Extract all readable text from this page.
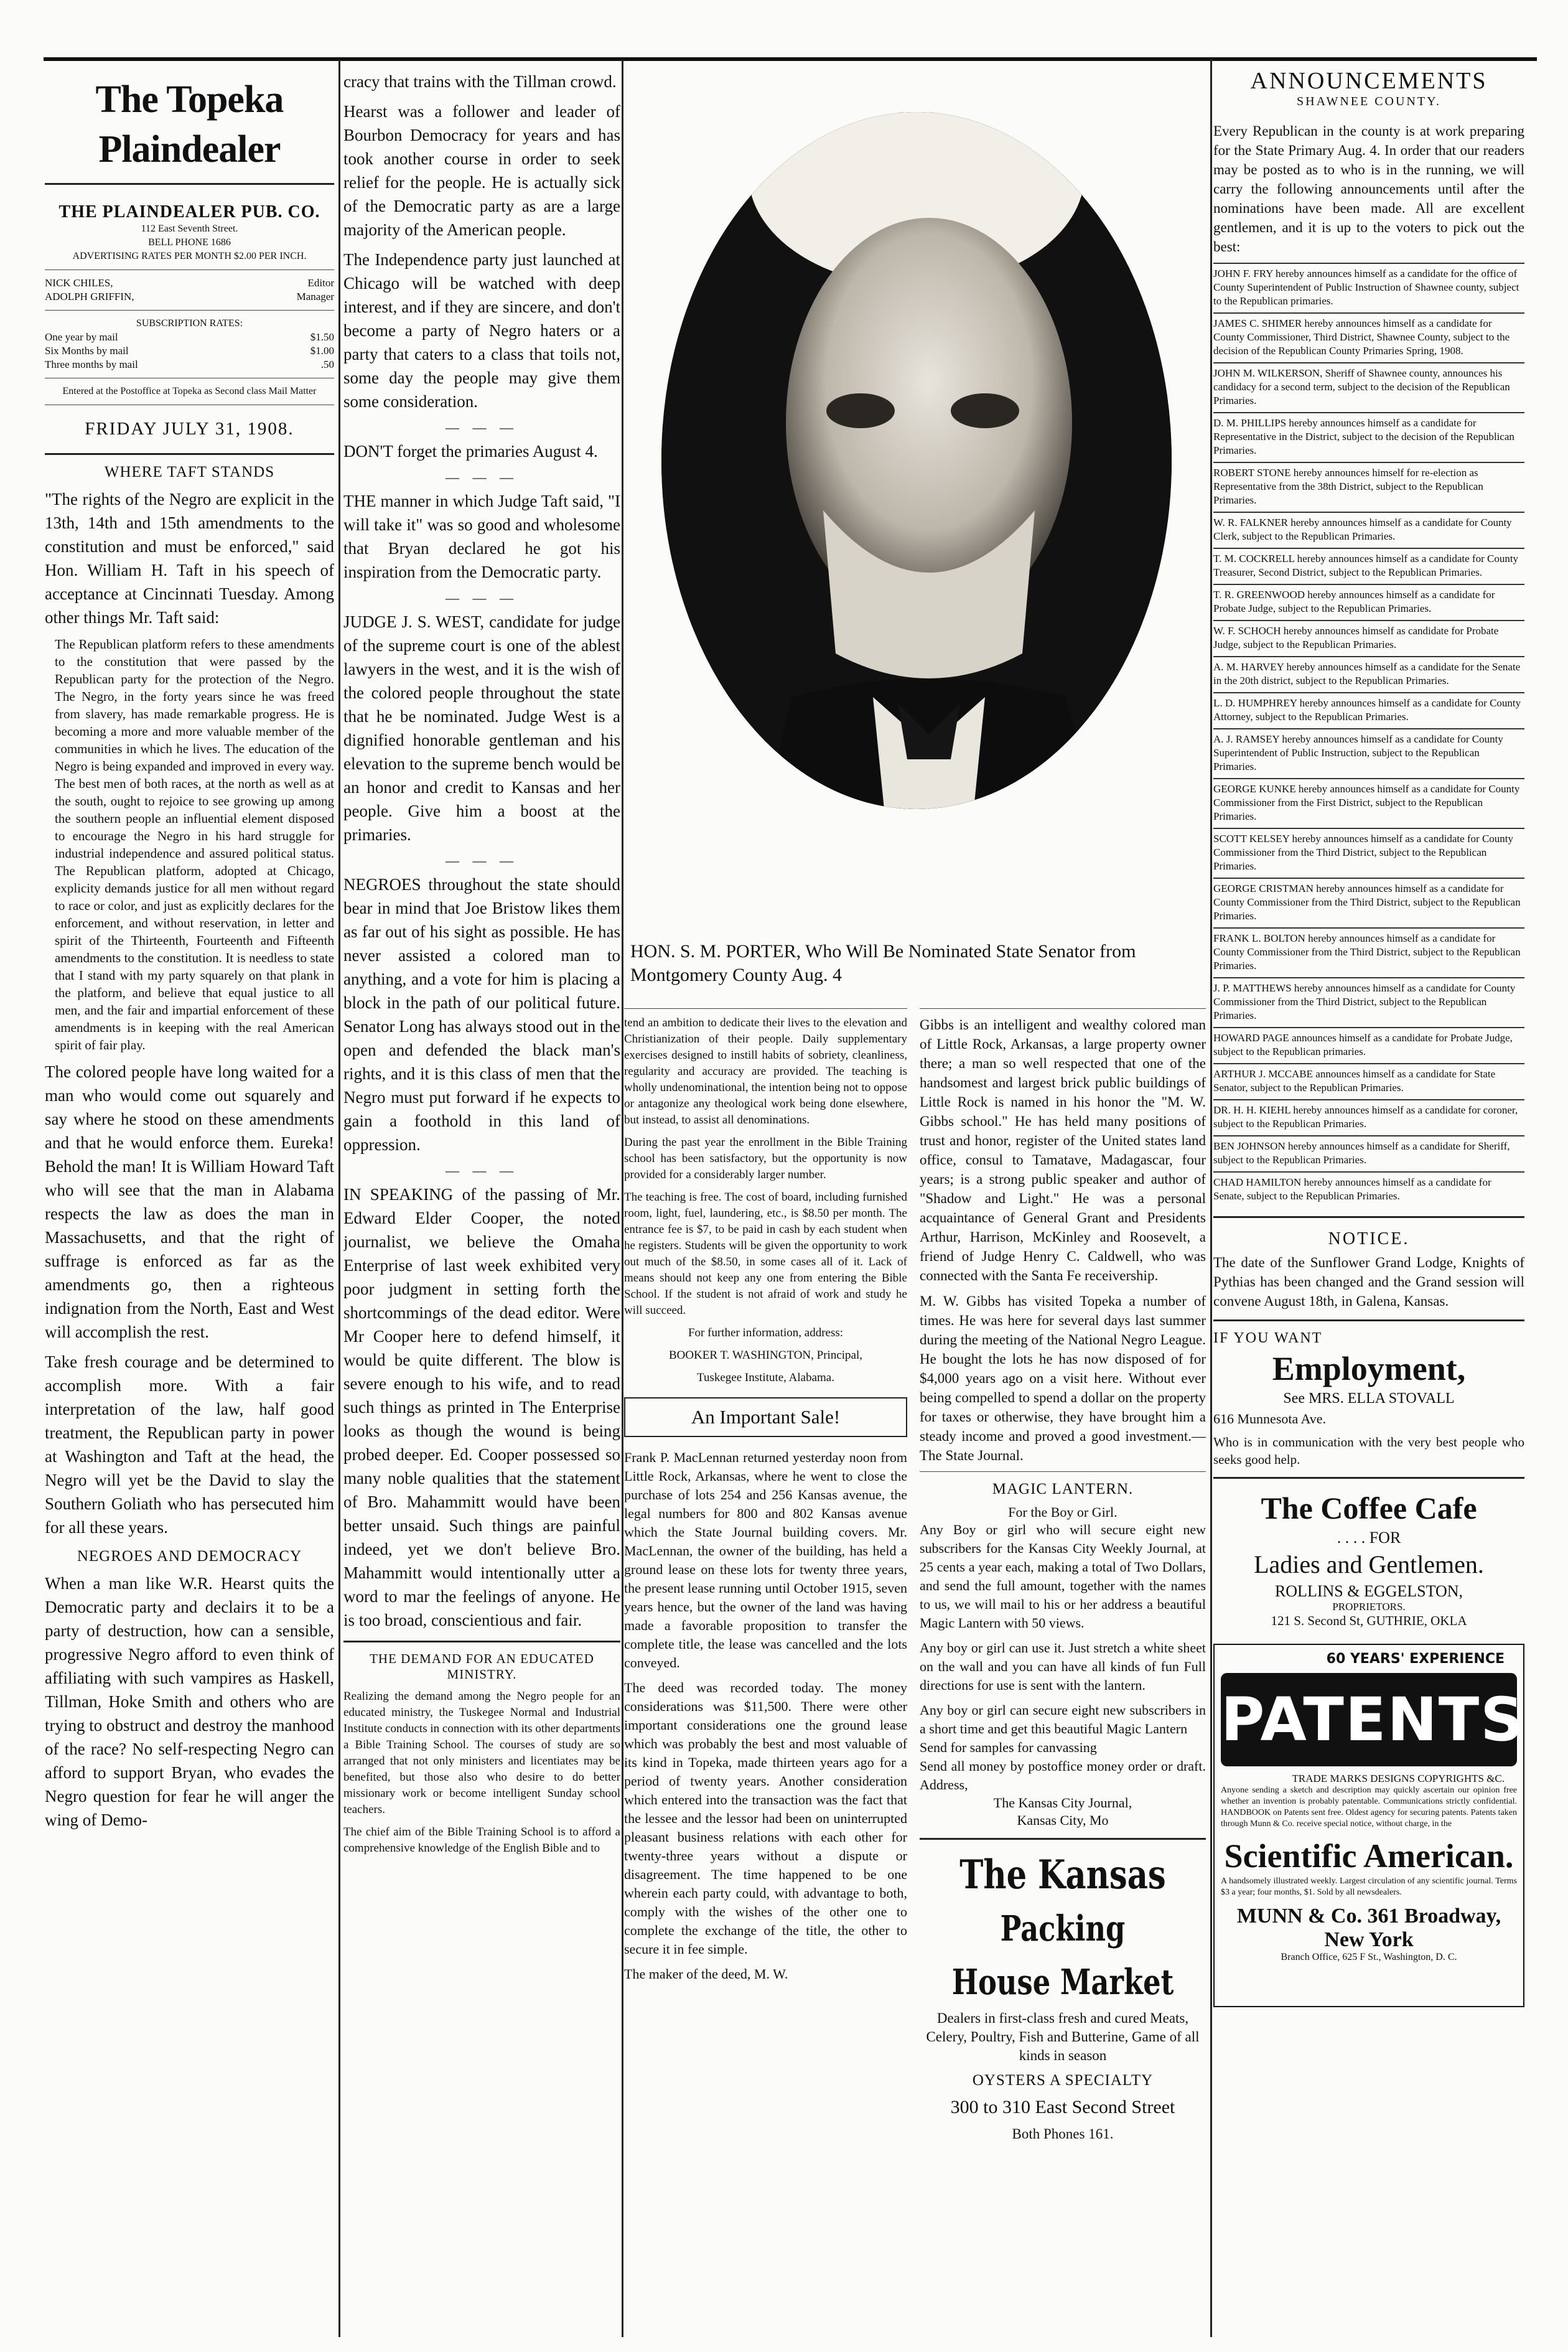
The Topeka Plaindealer
THE PLAINDEALER PUB. CO.
112 East Seventh Street.
BELL PHONE 1686
ADVERTISING RATES PER MONTH $2.00 PER INCH.
NICK CHILES,	Editor
ADOLPH GRIFFIN,	Manager
SUBSCRIPTION RATES:
One year by mail	$1.50
Six Months by mail	$1.00
Three months by mail	.50
Entered at the Postoffice at Topeka as Second class Mail Matter
FRIDAY JULY 31, 1908.
WHERE TAFT STANDS

"The rights of the Negro are explicit in the 13th, 14th and 15th amendments to the constitution and must be enforced," said Hon. William H. Taft in his speech of acceptance at Cincinnati Tuesday. Among other things Mr. Taft said:

The Republican platform refers to these amendments to the constitution that were passed by the Republican party for the protection of the Negro. The Negro, in the forty years since he was freed from slavery, has made remarkable progress. He is becoming a more and more valuable member of the communities in which he lives. The education of the Negro is being expanded and improved in every way. The best men of both races, at the north as well as at the south, ought to rejoice to see growing up among the southern people an influential element disposed to encourage the Negro in his hard struggle for industrial independence and assured political status. The Republican platform, adopted at Chicago, explicity demands justice for all men without regard to race or color, and just as explicitly declares for the enforcement, and without reservation, in letter and spirit of the Thirteenth, Fourteenth and Fifteenth amendments to the constitution. It is needless to state that I stand with my party squarely on that plank in the platform, and believe that equal justice to all men, and the fair and impartial enforcement of these amendments is in keeping with the real American spirit of fair play.

The colored people have long waited for a man who would come out squarely and say where he stood on these amendments and that he would enforce them. Eureka! Behold the man! It is William Howard Taft who will see that the man in Alabama respects the law as does the man in Massachusetts, and that the right of suffrage is enforced as far as the amendments go, then a righteous indignation from the North, East and West will accomplish the rest.

Take fresh courage and be determined to accomplish more. With a fair interpretation of the law, half good treatment, the Republican party in power at Washington and Taft at the head, the Negro will yet be the David to slay the Southern Goliath who has persecuted him for all these years.

NEGROES AND DEMOCRACY

When a man like W.R. Hearst quits the Democratic party and declairs it to be a party of destruction, how can a sensible, progressive Negro afford to even think of affiliating with such vampires as Haskell, Tillman, Hoke Smith and others who are trying to obstruct and destroy the manhood of the race? No self-respecting Negro can afford to support Bryan, who evades the Negro question for fear he will anger the wing of Demo-

cracy that trains with the Tillman crowd.

Hearst was a follower and leader of Bourbon Democracy for years and has took another course in order to seek relief for the people. He is actually sick of the Democratic party as are a large majority of the American people.

The Independence party just launched at Chicago will be watched with deep interest, and if they are sincere, and don't become a party of Negro haters or a party that caters to a class that toils not, some day the people may give them some consideration.

— — —

DON'T forget the primaries August 4.

— — —

THE manner in which Judge Taft said, "I will take it" was so good and wholesome that Bryan declared he got his inspiration from the Democratic party.

— — —

JUDGE J. S. WEST, candidate for judge of the supreme court is one of the ablest lawyers in the west, and it is the wish of the colored people throughout the state that he be nominated. Judge West is a dignified honorable gentleman and his elevation to the supreme bench would be an honor and credit to Kansas and her people. Give him a boost at the primaries.

— — —

NEGROES throughout the state should bear in mind that Joe Bristow likes them as far out of his sight as possible. He has never assisted a colored man to anything, and a vote for him is placing a block in the path of our political future. Senator Long has always stood out in the open and defended the black man's rights, and it is this class of men that the Negro must put forward if he expects to gain a foothold in this land of oppression.

— — —

IN SPEAKING of the passing of Mr. Edward Elder Cooper, the noted journalist, we believe the Omaha Enterprise of last week exhibited very poor judgment in setting forth the shortcommings of the dead editor. Were Mr Cooper here to defend himself, it would be quite different. The blow is severe enough to his wife, and to read such things as printed in The Enterprise looks as though the wound is being probed deeper. Ed. Cooper possessed so many noble qualities that the statement of Bro. Mahammitt would have been better unsaid. Such things are painful indeed, yet we don't believe Bro. Mahammitt would intentionally utter a word to mar the feelings of anyone. He is too broad, conscientious and fair.

THE DEMAND FOR AN EDUCATED MINISTRY.

Realizing the demand among the Negro people for an educated ministry, the Tuskegee Normal and Industrial Institute conducts in connection with its other departments a Bible Training School. The courses of study are so arranged that not only ministers and licentiates may be benefited, but those also who desire to do better missionary work or become intelligent Sunday school teachers.

The chief aim of the Bible Training School is to afford a comprehensive knowledge of the English Bible and to

HON. S. M. PORTER, Who Will Be Nominated State Senator from Montgomery County Aug. 4

tend an ambition to dedicate their lives to the elevation and Christianization of their people. Daily supplementary exercises designed to instill habits of sobriety, cleanliness, regularity and accuracy are provided. The teaching is wholly undenominational, the intention being not to oppose or antagonize any theological work being done elsewhere, but instead, to assist all denominations.

During the past year the enrollment in the Bible Training school has been satisfactory, but the opportunity is now provided for a considerably larger number.

The teaching is free. The cost of board, including furnished room, light, fuel, laundering, etc., is $8.50 per month. The entrance fee is $7, to be paid in cash by each student when he registers. Students will be given the opportunity to work out much of the $8.50, in some cases all of it. Lack of means should not keep any one from entering the Bible School. If the student is not afraid of work and study he will succeed.

For further information, address:

BOOKER T. WASHINGTON, Principal,

Tuskegee Institute, Alabama.

An Important Sale!

Frank P. MacLennan returned yesterday noon from Little Rock, Arkansas, where he went to close the purchase of lots 254 and 256 Kansas avenue, the legal numbers for 800 and 802 Kansas avenue which the State Journal building covers. Mr. MacLennan, the owner of the building, has held a ground lease on these lots for twenty three years, the present lease running until October 1915, seven years hence, but the owner of the land was having made a favorable proposition to transfer the complete title, the lease was cancelled and the lots conveyed.

The deed was recorded today. The money considerations was $11,500. There were other important considerations one the ground lease which was probably the best and most valuable of its kind in Topeka, made thirteen years ago for a period of twenty years. Another consideration which entered into the transaction was the fact that the lessee and the lessor had been on uninterrupted pleasant business relations with each other for twenty-three years without a dispute or disagreement. The time happened to be one wherein each party could, with advantage to both, comply with the wishes of the other one to complete the exchange of the title, the other to secure it in fee simple.

The maker of the deed, M. W.

Gibbs is an intelligent and wealthy colored man of Little Rock, Arkansas, a large property owner there; a man so well respected that one of the handsomest and largest brick public buildings of Little Rock is named in his honor the "M. W. Gibbs school." He has held many positions of trust and honor, register of the United states land office, consul to Tamatave, Madagascar, four years; is a strong public speaker and author of "Shadow and Light." He was a personal acquaintance of General Grant and Presidents Arthur, Harrison, McKinley and Roosevelt, a friend of Judge Henry C. Caldwell, who was connected with the Santa Fe receivership.

M. W. Gibbs has visited Topeka a number of times. He was here for several days last summer during the meeting of the National Negro League. He bought the lots he has now disposed of for $4,000 years ago on a visit here. Without ever being compelled to spend a dollar on the property for taxes or otherwise, they have brought him a steady income and proved a good investment.—The State Journal.

MAGIC LANTERN.
For the Boy or Girl.

Any Boy or girl who will secure eight new subscribers for the Kansas City Weekly Journal, at 25 cents a year each, making a total of Two Dollars, and send the full amount, together with the names to us, we will mail to his or her address a beautiful Magic Lantern with 50 views.

Any boy or girl can use it. Just stretch a white sheet on the wall and you can have all kinds of fun Full directions for use is sent with the lantern.

Any boy or girl can secure eight new subscribers in a short time and get this beautiful Magic Lantern

Send for samples for canvassing

Send all money by postoffice money order or draft. Address,

The Kansas City Journal,

Kansas City, Mo

The Kansas
Packing House Market

Dealers in first-class fresh and cured Meats, Celery, Poultry, Fish and Butterine, Game of all kinds in season

OYSTERS A SPECIALTY

300 to 310 East Second Street

Both Phones 161.

ANNOUNCEMENTS
SHAWNEE COUNTY.

Every Republican in the county is at work preparing for the State Primary Aug. 4. In order that our readers may be posted as to who is in the running, we will carry the following announcements until after the nominations have been made. All are excellent gentlemen, and it is up to the voters to pick out the best:

JOHN F. FRY hereby announces himself as a candidate for the office of County Superintendent of Public Instruction of Shawnee county, subject to the Republican primaries.

JAMES C. SHIMER hereby announces himself as a candidate for County Commissioner, Third District, Shawnee County, subject to the decision of the Republican County Primaries Spring, 1908.

JOHN M. WILKERSON, Sheriff of Shawnee county, announces his candidacy for a second term, subject to the decision of the Republican Primaries.

D. M. PHILLIPS hereby announces himself as a candidate for Representative in the District, subject to the decision of the Republican Primaries.

ROBERT STONE hereby announces himself for re-election as Representative from the 38th District, subject to the Republican Primaries.

W. R. FALKNER hereby announces himself as a candidate for County Clerk, subject to the Republican Primaries.

T. M. COCKRELL hereby announces himself as a candidate for County Treasurer, Second District, subject to the Republican Primaries.

T. R. GREENWOOD hereby announces himself as a candidate for Probate Judge, subject to the Republican Primaries.

W. F. SCHOCH hereby announces himself as candidate for Probate Judge, subject to the Republican Primaries.

A. M. HARVEY hereby announces himself as a candidate for the Senate in the 20th district, subject to the Republican Primaries.

L. D. HUMPHREY hereby announces himself as a candidate for County Attorney, subject to the Republican Primaries.

A. J. RAMSEY hereby announces himself as a candidate for County Superintendent of Public Instruction, subject to the Republican Primaries.

GEORGE KUNKE hereby announces himself as a candidate for County Commissioner from the First District, subject to the Republican Primaries.

SCOTT KELSEY hereby announces himself as a candidate for County Commissioner from the Third District, subject to the Republican Primaries.

GEORGE CRISTMAN hereby announces himself as a candidate for County Commissioner from the Third District, subject to the Republican Primaries.

FRANK L. BOLTON hereby announces himself as a candidate for County Commissioner from the Third District, subject to the Republican Primaries.

J. P. MATTHEWS hereby announces himself as a candidate for County Commissioner from the Third District, subject to the Republican Primaries.

HOWARD PAGE announces himself as a candidate for Probate Judge, subject to the Republican primaries.

ARTHUR J. MCCABE announces himself as a candidate for State Senator, subject to the Republican Primaries.

DR. H. H. KIEHL hereby announces himself as a candidate for coroner, subject to the Republican Primaries.

BEN JOHNSON hereby announces himself as a candidate for Sheriff, subject to the Republican Primaries.

CHAD HAMILTON hereby announces himself as a candidate for Senate, subject to the Republican Primaries.

NOTICE.

The date of the Sunflower Grand Lodge, Knights of Pythias has been changed and the Grand session will convene August 18th, in Galena, Kansas.

IF YOU WANT
Employment,
See MRS. ELLA STOVALL
616 Munnesota Ave.

Who is in communication with the very best people who seeks good help.

The Coffee Cafe
. . . . FOR
Ladies and Gentlemen.
ROLLINS & EGGELSTON,
PROPRIETORS.
121 S. Second St, GUTHRIE, OKLA
60 YEARS' EXPERIENCE
PATENTS
TRADE MARKS DESIGNS COPYRIGHTS &C.

Anyone sending a sketch and description may quickly ascertain our opinion free whether an invention is probably patentable. Communications strictly confidential. HANDBOOK on Patents sent free. Oldest agency for securing patents. Patents taken through Munn & Co. receive special notice, without charge, in the

Scientific American.

A handsomely illustrated weekly. Largest circulation of any scientific journal. Terms $3 a year; four months, $1. Sold by all newsdealers.

MUNN & Co. 361 Broadway, New York
Branch Office, 625 F St., Washington, D. C.
